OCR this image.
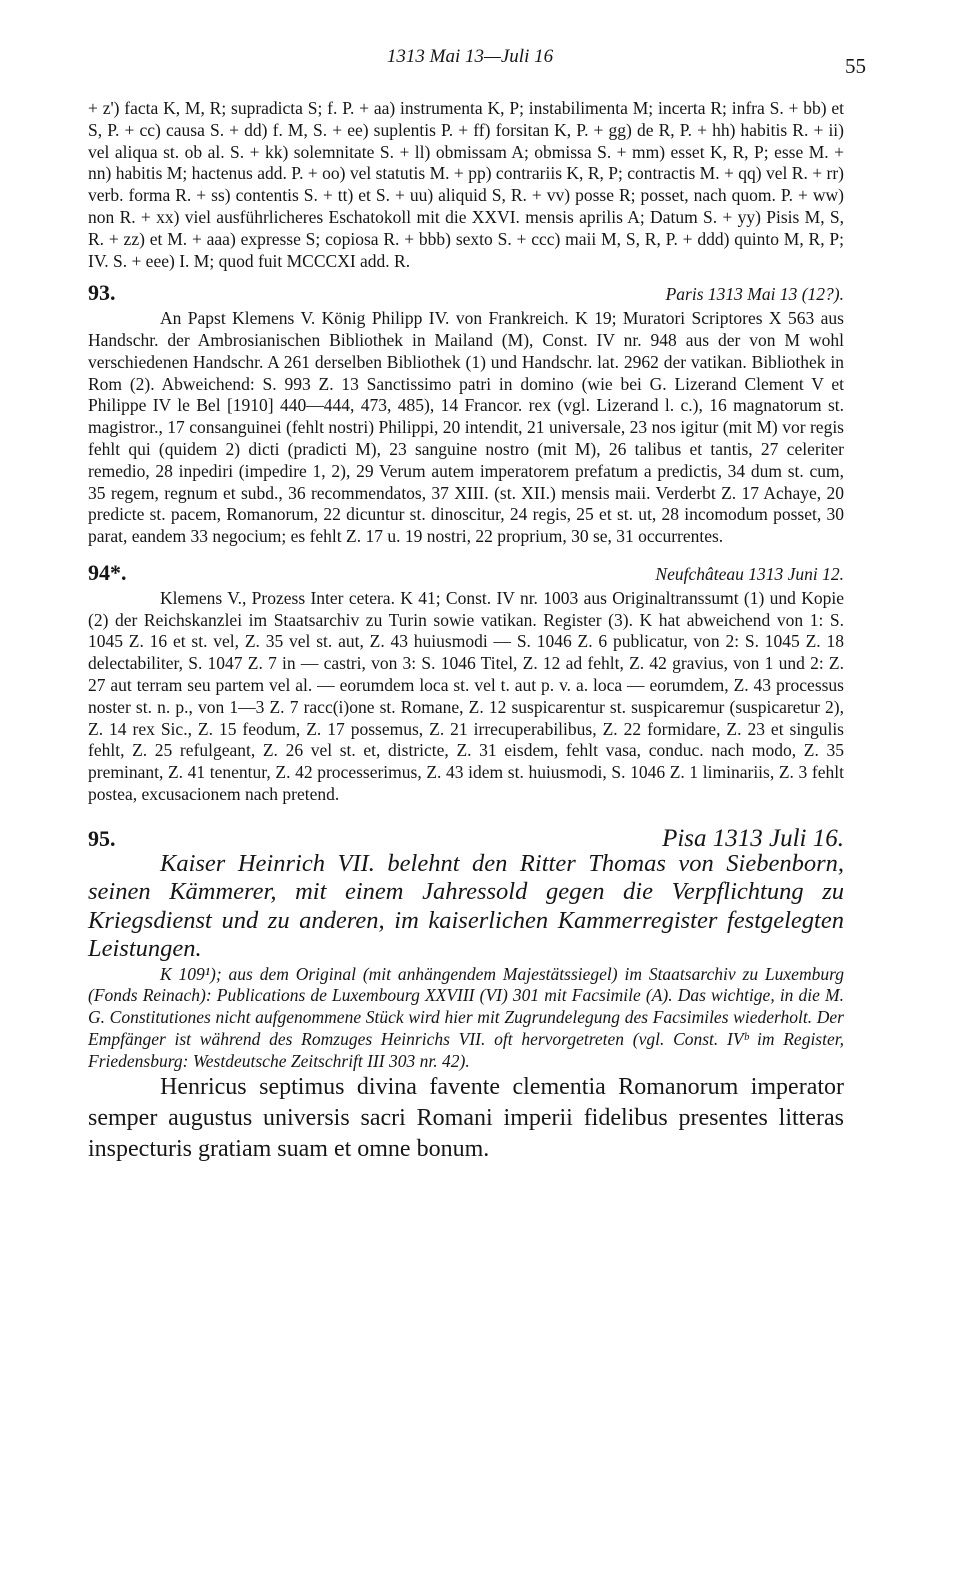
1313 Mai 13—Juli 16	55

+ z') facta K, M, R; supradicta S; f. P. + aa) instrumenta K, P; instabilimenta M; incerta R; infra S. + bb) et S, P. + cc) causa S. + dd) f. M, S. + ee) suplentis P. + ff) forsitan K, P. + gg) de R, P. + hh) habitis R. + ii) vel aliqua st. ob al. S. + kk) solemnitate S. + ll) obmissam A; obmissa S. + mm) esset K, R, P; esse M. + nn) habitis M; hactenus add. P. + oo) vel statutis M. + pp) contrariis K, R, P; contractis M. + qq) vel R. + rr) verb. forma R. + ss) contentis S. + tt) et S. + uu) aliquid S, R. + vv) posse R; posset, nach quom. P. + ww) non R. + xx) viel ausführlicheres Eschatokoll mit die XXVI. mensis aprilis A; Datum S. + yy) Pisis M, S, R. + zz) et M. + aaa) expresse S; copiosa R. + bbb) sexto S. + ccc) maii M, S, R, P. + ddd) quinto M, R, P; IV. S. + eee) I. M; quod fuit MCCCXI add. R.

93.	Paris 1313 Mai 13 (12?).

An Papst Klemens V. König Philipp IV. von Frankreich. K 19; Muratori Scriptores X 563 aus Handschr. der Ambrosianischen Bibliothek in Mailand (M), Const. IV nr. 948 aus der von M wohl verschiedenen Handschr. A 261 derselben Bibliothek (1) und Handschr. lat. 2962 der vatikan. Bibliothek in Rom (2). Abweichend: S. 993 Z. 13 Sanctissimo patri in domino (wie bei G. Lizerand Clement V et Philippe IV le Bel [1910] 440—444, 473, 485), 14 Francor. rex (vgl. Lizerand l. c.), 16 magnatorum st. magistror., 17 consanguinei (fehlt nostri) Philippi, 20 intendit, 21 universale, 23 nos igitur (mit M) vor regis fehlt qui (quidem 2) dicti (pradicti M), 23 sanguine nostro (mit M), 26 talibus et tantis, 27 celeriter remedio, 28 inpediri (impedire 1, 2), 29 Verum autem imperatorem prefatum a predictis, 34 dum st. cum, 35 regem, regnum et subd., 36 recommendatos, 37 XIII. (st. XII.) mensis maii. Verderbt Z. 17 Achaye, 20 predicte st. pacem, Romanorum, 22 dicuntur st. dinoscitur, 24 regis, 25 et st. ut, 28 incomodum posset, 30 parat, eandem 33 negocium; es fehlt Z. 17 u. 19 nostri, 22 proprium, 30 se, 31 occurrentes.

94*.	Neufchâteau 1313 Juni 12.

Klemens V., Prozess Inter cetera. K 41; Const. IV nr. 1003 aus Originaltranssumt (1) und Kopie (2) der Reichskanzlei im Staatsarchiv zu Turin sowie vatikan. Register (3). K hat abweichend von 1: S. 1045 Z. 16 et st. vel, Z. 35 vel st. aut, Z. 43 huiusmodi — S. 1046 Z. 6 publicatur, von 2: S. 1045 Z. 18 delectabiliter, S. 1047 Z. 7 in — castri, von 3: S. 1046 Titel, Z. 12 ad fehlt, Z. 42 gravius, von 1 und 2: Z. 27 aut terram seu partem vel al. — eorumdem loca st. vel t. aut p. v. a. loca — eorumdem, Z. 43 processus noster st. n. p., von 1—3 Z. 7 racc(i)one st. Romane, Z. 12 suspicarentur st. suspicaremur (suspicaretur 2), Z. 14 rex Sic., Z. 15 feodum, Z. 17 possemus, Z. 21 irrecuperabilibus, Z. 22 formidare, Z. 23 et singulis fehlt, Z. 25 refulgeant, Z. 26 vel st. et, districte, Z. 31 eisdem, fehlt vasa, conduc. nach modo, Z. 35 preminant, Z. 41 tenentur, Z. 42 processerimus, Z. 43 idem st. huiusmodi, S. 1046 Z. 1 liminariis, Z. 3 fehlt postea, excusacionem nach pretend.

95.	Pisa 1313 Juli 16.

Kaiser Heinrich VII. belehnt den Ritter Thomas von Siebenborn, seinen Kämmerer, mit einem Jahressold gegen die Verpflichtung zu Kriegsdienst und zu anderen, im kaiserlichen Kammerregister festgelegten Leistungen.

K 109¹); aus dem Original (mit anhängendem Majestätssiegel) im Staatsarchiv zu Luxemburg (Fonds Reinach): Publications de Luxembourg XXVIII (VI) 301 mit Facsimile (A). Das wichtige, in die M. G. Constitutiones nicht aufgenommene Stück wird hier mit Zugrundelegung des Facsimiles wiederholt. Der Empfänger ist während des Romzuges Heinrichs VII. oft hervorgetreten (vgl. Const. IVᵇ im Register, Friedensburg: Westdeutsche Zeitschrift III 303 nr. 42).

Henricus septimus divina favente clementia Romanorum imperator semper augustus universis sacri Romani imperii fidelibus presentes litteras inspecturis gratiam suam et omne bonum.
